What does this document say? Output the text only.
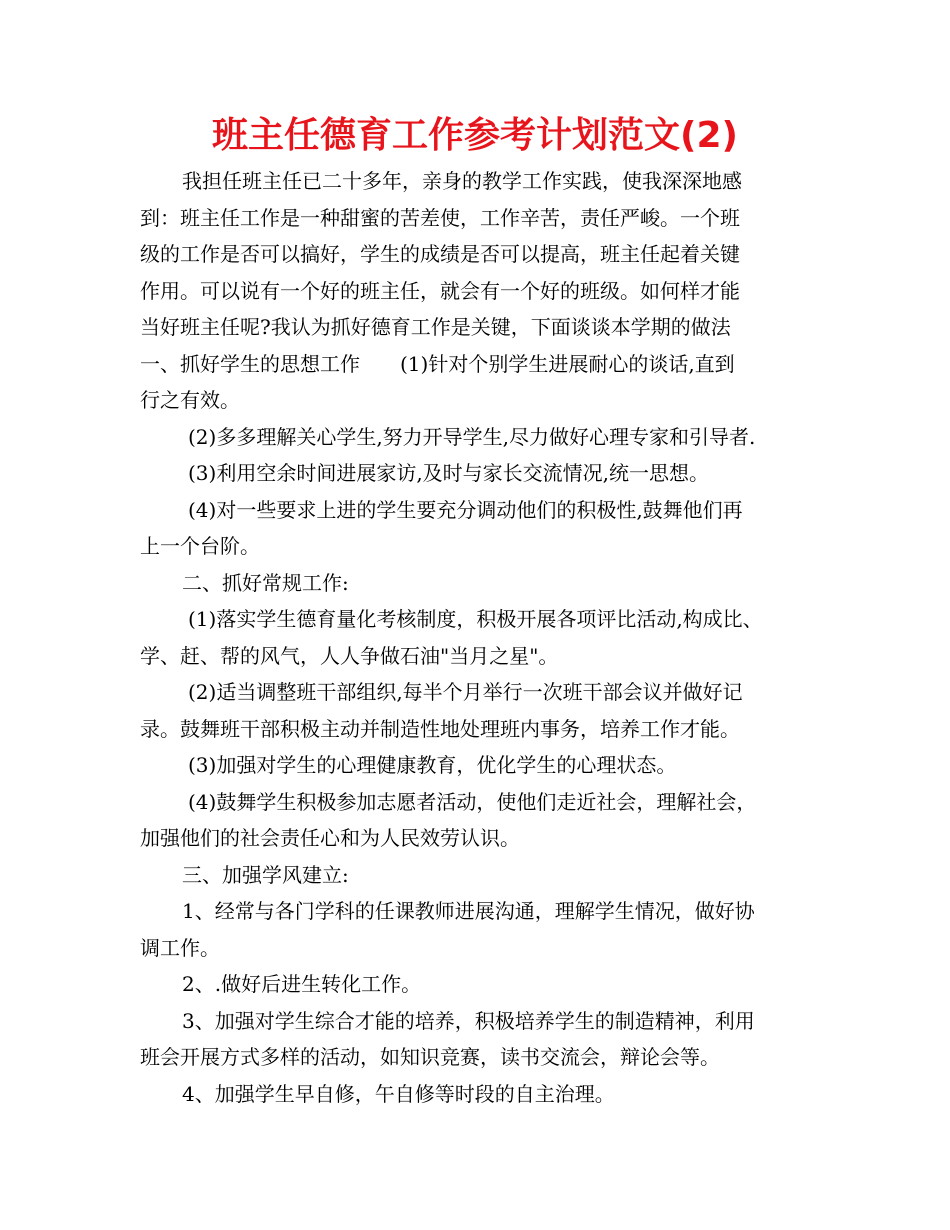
班主任德育工作参考计划范文(2)
我担任班主任已二十多年，亲身的教学工作实践，使我深深地感
到：班主任工作是一种甜蜜的苦差使，工作辛苦，责任严峻。一个班
级的工作是否可以搞好，学生的成绩是否可以提高，班主任起着关键
作用。可以说有一个好的班主任，就会有一个好的班级。如何样才能
当好班主任呢?我认为抓好德育工作是关键，下面谈谈本学期的做法
一、抓好学生的思想工作　　(1)针对个别学生进展耐心的谈话,直到
行之有效。
(2)多多理解关心学生,努力开导学生,尽力做好心理专家和引导者.
(3)利用空余时间进展家访,及时与家长交流情况,统一思想。
(4)对一些要求上进的学生要充分调动他们的积极性,鼓舞他们再
上一个台阶。
二、抓好常规工作:
(1)落实学生德育量化考核制度，积极开展各项评比活动,构成比、
学、赶、帮的风气，人人争做石油"当月之星"。
(2)适当调整班干部组织,每半个月举行一次班干部会议并做好记
录。鼓舞班干部积极主动并制造性地处理班内事务，培养工作才能。
(3)加强对学生的心理健康教育，优化学生的心理状态。
(4)鼓舞学生积极参加志愿者活动，使他们走近社会，理解社会，
加强他们的社会责任心和为人民效劳认识。
三、加强学风建立:
1、经常与各门学科的任课教师进展沟通，理解学生情况，做好协
调工作。
2、.做好后进生转化工作。
3、加强对学生综合才能的培养，积极培养学生的制造精神，利用
班会开展方式多样的活动，如知识竞赛，读书交流会，辩论会等。
4、加强学生早自修，午自修等时段的自主治理。
